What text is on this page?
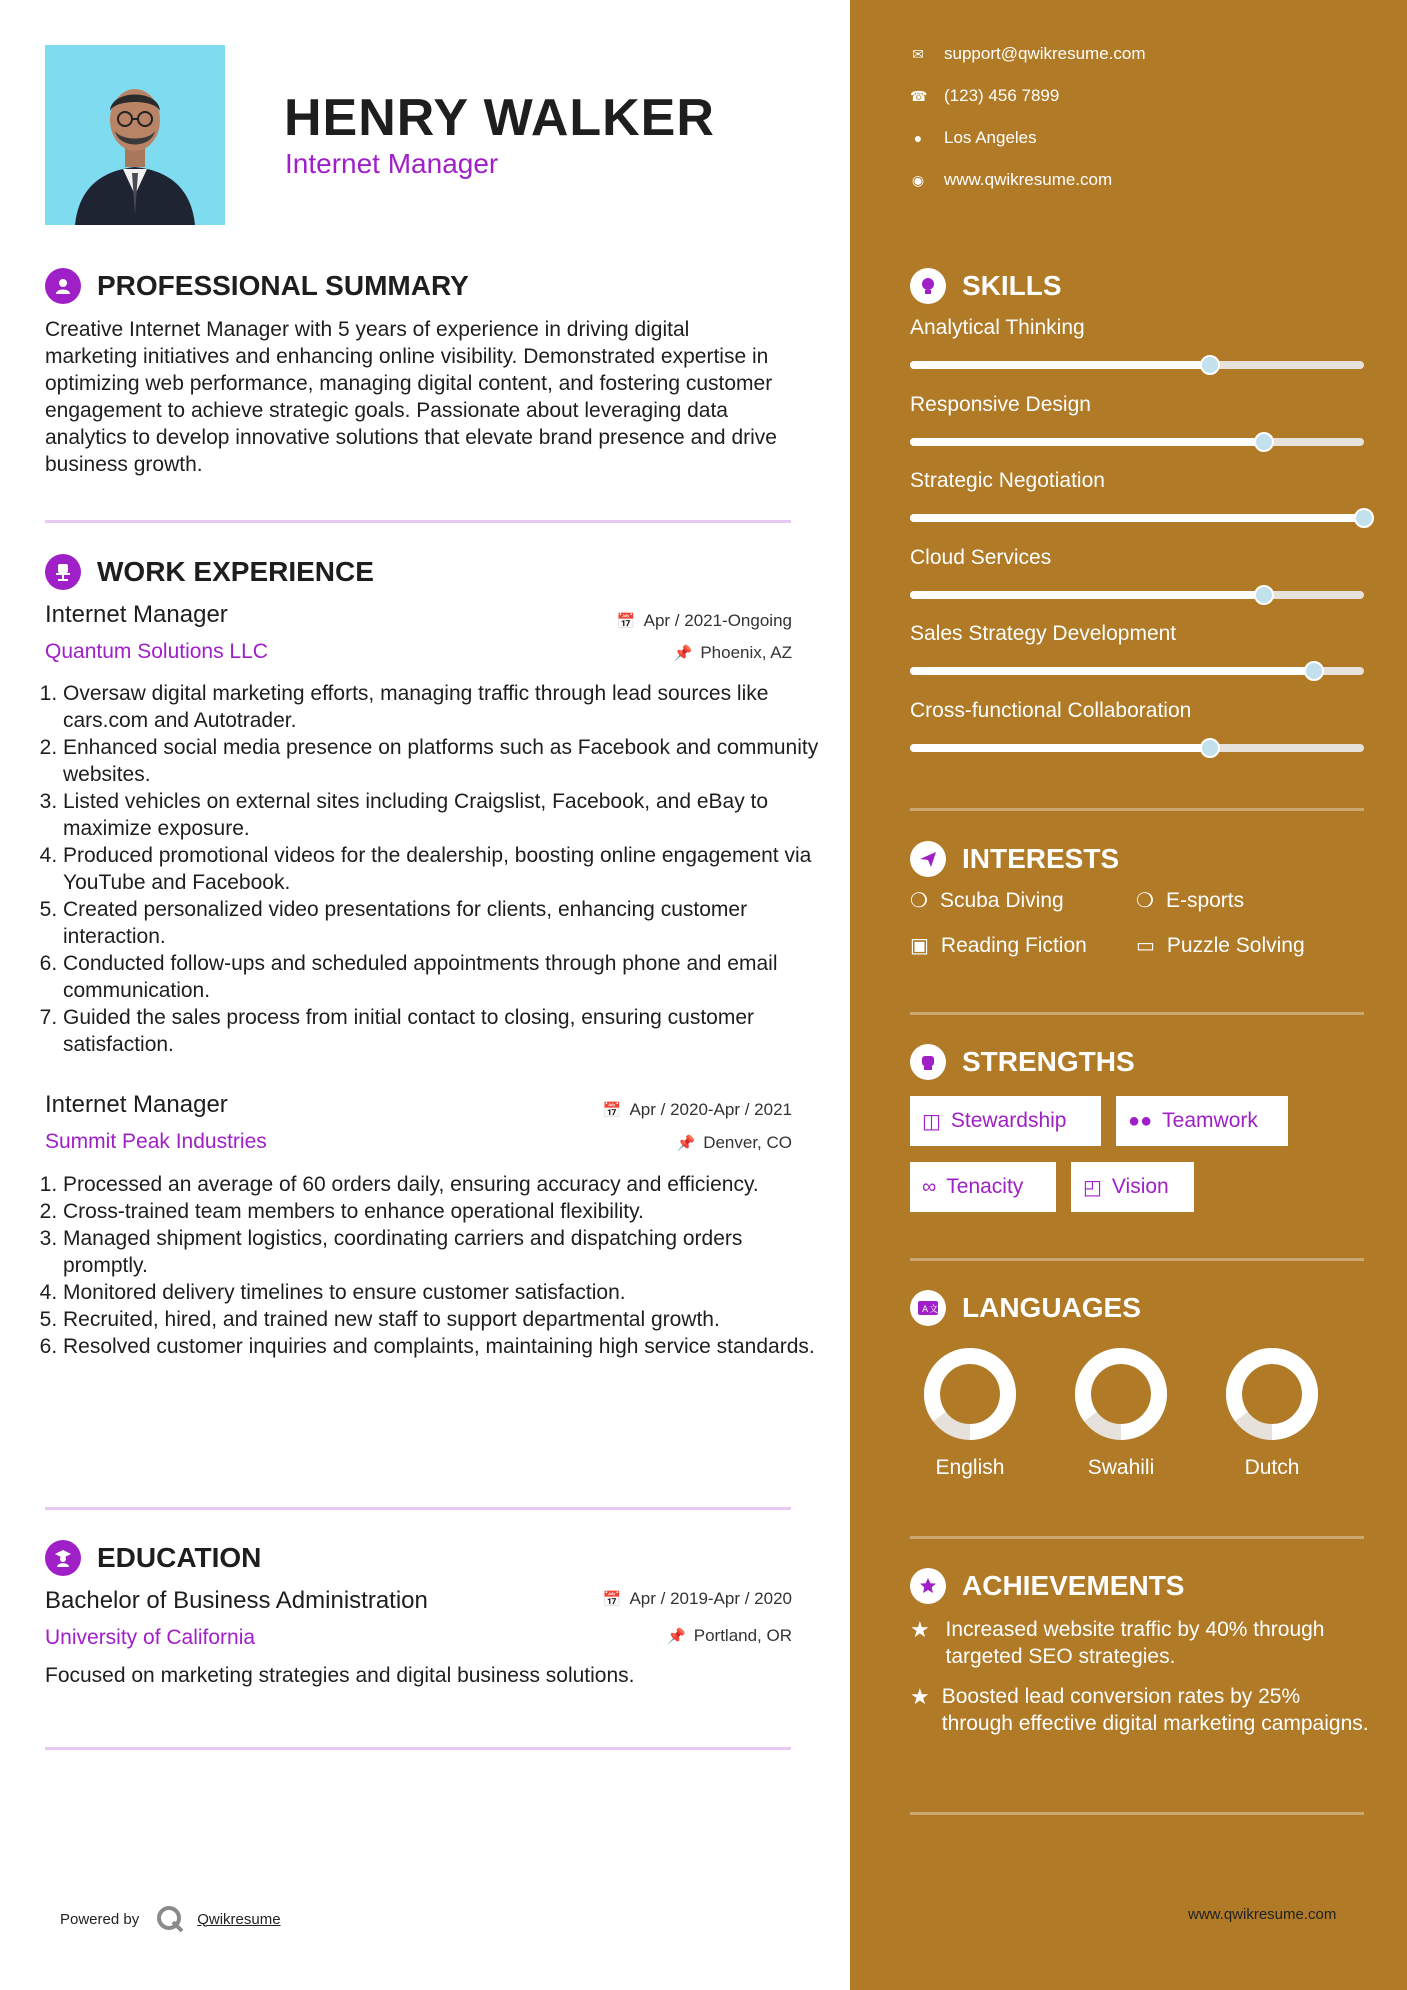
HENRY WALKER
Internet Manager
PROFESSIONAL SUMMARY
Creative Internet Manager with 5 years of experience in driving digital marketing initiatives and enhancing online visibility. Demonstrated expertise in optimizing web performance, managing digital content, and fostering customer engagement to achieve strategic goals. Passionate about leveraging data analytics to develop innovative solutions that elevate brand presence and drive business growth.
WORK EXPERIENCE
Internet Manager	📅 Apr / 2021-Ongoing
Quantum Solutions LLC	📌 Phoenix, AZ
1. Oversaw digital marketing efforts, managing traffic through lead sources like cars.com and Autotrader.
2. Enhanced social media presence on platforms such as Facebook and community websites.
3. Listed vehicles on external sites including Craigslist, Facebook, and eBay to maximize exposure.
4. Produced promotional videos for the dealership, boosting online engagement via YouTube and Facebook.
5. Created personalized video presentations for clients, enhancing customer interaction.
6. Conducted follow-ups and scheduled appointments through phone and email communication.
7. Guided the sales process from initial contact to closing, ensuring customer satisfaction.
Internet Manager	📅 Apr / 2020-Apr / 2021
Summit Peak Industries	📌 Denver, CO
1. Processed an average of 60 orders daily, ensuring accuracy and efficiency.
2. Cross-trained team members to enhance operational flexibility.
3. Managed shipment logistics, coordinating carriers and dispatching orders promptly.
4. Monitored delivery timelines to ensure customer satisfaction.
5. Recruited, hired, and trained new staff to support departmental growth.
6. Resolved customer inquiries and complaints, maintaining high service standards.
EDUCATION
Bachelor of Business Administration	📅 Apr / 2019-Apr / 2020
University of California	📌 Portland, OR
Focused on marketing strategies and digital business solutions.
Powered by	Qwikresume
✉ support@qwikresume.com
☎ (123) 456 7899
● Los Angeles
◉ www.qwikresume.com
SKILLS
Analytical Thinking
Responsive Design
Strategic Negotiation
Cloud Services
Sales Strategy Development
Cross-functional Collaboration
INTERESTS
❍ Scuba Diving	❍ E-sports
▣ Reading Fiction ▭ Puzzle Solving
STRENGTHS
◫ Stewardship	●● Teamwork
∞ Tenacity	◰ Vision
A 文 LANGUAGES
English	Swahili	Dutch
ACHIEVEMENTS
★ Increased website traffic by 40% through targeted SEO strategies.
★ Boosted lead conversion rates by 25% through effective digital marketing campaigns.
www.qwikresume.com
